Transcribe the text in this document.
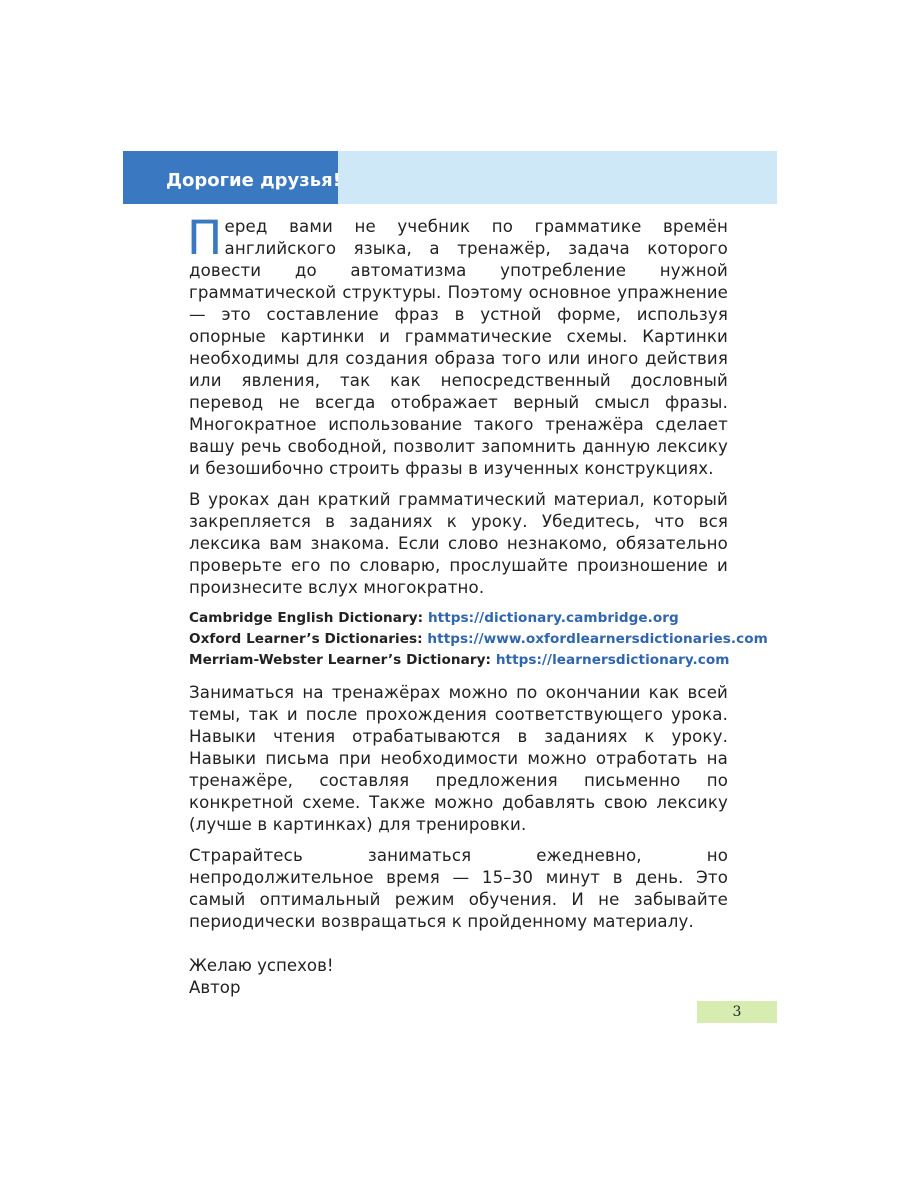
Дорогие друзья!

Перед вами не учебник по грамматике времён английского языка, а тренажёр, задача которого довести до автоматизма употребление нужной грамматической структуры. Поэтому основное упражнение — это составление фраз в устной форме, используя опорные картинки и грамматические схемы. Картинки необходимы для создания образа того или иного действия или явления, так как непосредственный дословный перевод не всегда отображает верный смысл фразы. Многократное использование такого тренажёра сделает вашу речь свободной, позволит запомнить данную лексику и безошибочно строить фразы в изученных конструкциях.

В уроках дан краткий грамматический материал, который закрепляется в заданиях к уроку. Убедитесь, что вся лексика вам знакома. Если слово незнакомо, обязательно проверьте его по словарю, прослушайте произношение и произнесите вслух многократно.

Cambridge English Dictionary: https://dictionary.cambridge.org
Oxford Learner’s Dictionaries: https://www.oxfordlearnersdictionaries.com
Merriam-Webster Learner’s Dictionary: https://learnersdictionary.com

Заниматься на тренажёрах можно по окончании как всей темы, так и после прохождения соответствующего урока. Навыки чтения отрабатываются в заданиях к уроку. Навыки письма при необходимости можно отработать на тренажёре, составляя предложения письменно по конкретной схеме. Также можно добавлять свою лексику (лучше в картинках) для тренировки.

Страрайтесь заниматься ежедневно, но непродолжительное время — 15–30 минут в день. Это самый оптимальный режим обучения. И не забывайте периодически возвращаться к пройденному материалу.

Желаю успехов!
Автор
3
